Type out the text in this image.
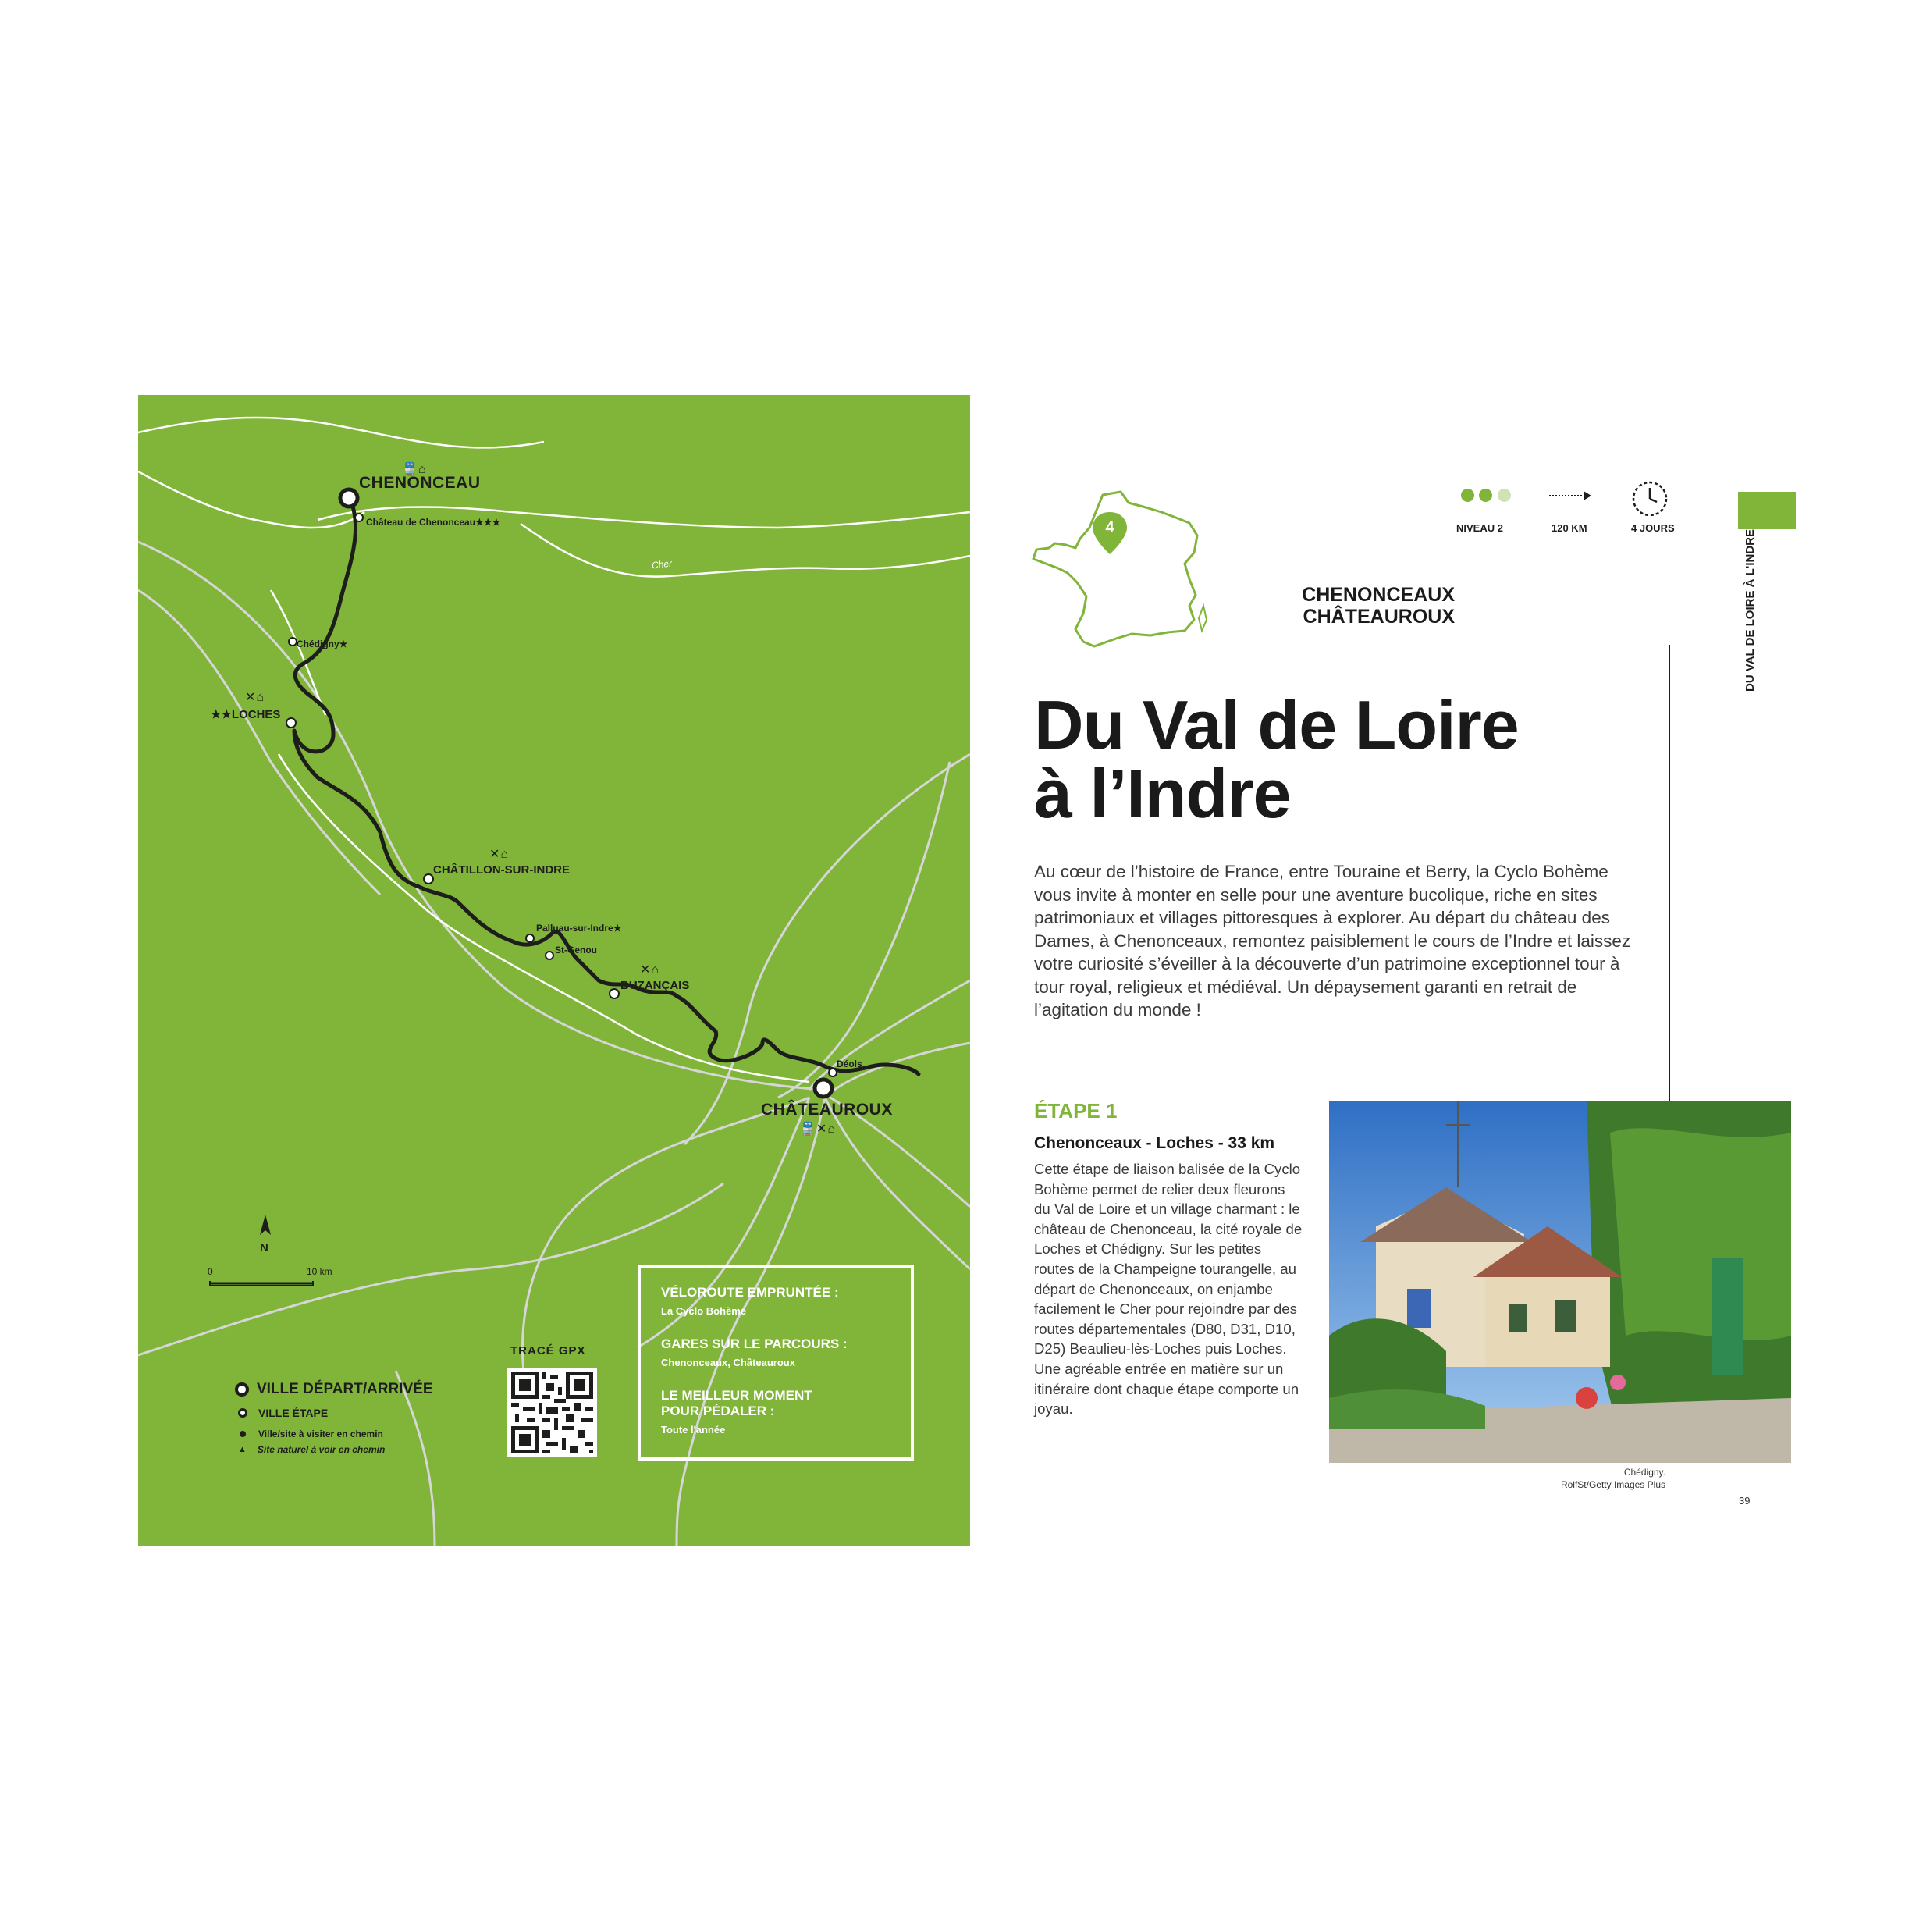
🚆⌂
CHENONCEAU
Château de Chenonceau★★★
Cher
Chédigny★
✕⌂
★★LOCHES
✕⌂
CHÂTILLON-SUR-INDRE
Palluau-sur-Indre★
St-Genou
✕⌂
BUZANÇAIS
Déols
CHÂTEAUROUX
🚆✕⌂
N
0	10 km
VILLE DÉPART/ARRIVÉE
VILLE ÉTAPE
Ville/site à visiter en chemin
▲ Site naturel à voir en chemin
TRACÉ GPX
VÉLOROUTE EMPRUNTÉE :
La Cyclo Bohème
GARES SUR LE PARCOURS :
Chenonceaux, Châteauroux
LE MEILLEUR MOMENT
POUR PÉDALER :
Toute l'année
4
	NIVEAU 2	120 KM	4 JOURS
CHENONCEAUX
CHÂTEAUROUX	DU VAL DE LOIRE À L'INDRE
Du Val de Loire
à l’Indre
Au cœur de l’histoire de France, entre Touraine et Berry, la Cyclo Bohème vous invite à monter en selle pour une aventure bucolique, riche en sites patrimoniaux et villages pittoresques à explorer. Au départ du château des Dames, à Chenonceaux, remontez paisiblement le cours de l’Indre et laissez votre curiosité s’éveiller à la découverte d’un patrimoine exceptionnel tour à tour royal, religieux et médiéval. Un dépaysement garanti en retrait de l’agitation du monde !
ÉTAPE 1
Chenonceaux - Loches - 33 km
Cette étape de liaison balisée de la Cyclo Bohème permet de relier deux fleurons du Val de Loire et un village charmant : le château de Chenonceau, la cité royale de Loches et Chédigny. Sur les petites routes de la Champeigne tourangelle, au départ de Chenonceaux, on enjambe facilement le Cher pour rejoindre par des routes départementales (D80, D31, D10, D25) Beaulieu-lès-Loches puis Loches. Une agréable entrée en matière sur un itinéraire dont chaque étape comporte un joyau.
Chédigny.
RolfSt/Getty Images Plus
39
